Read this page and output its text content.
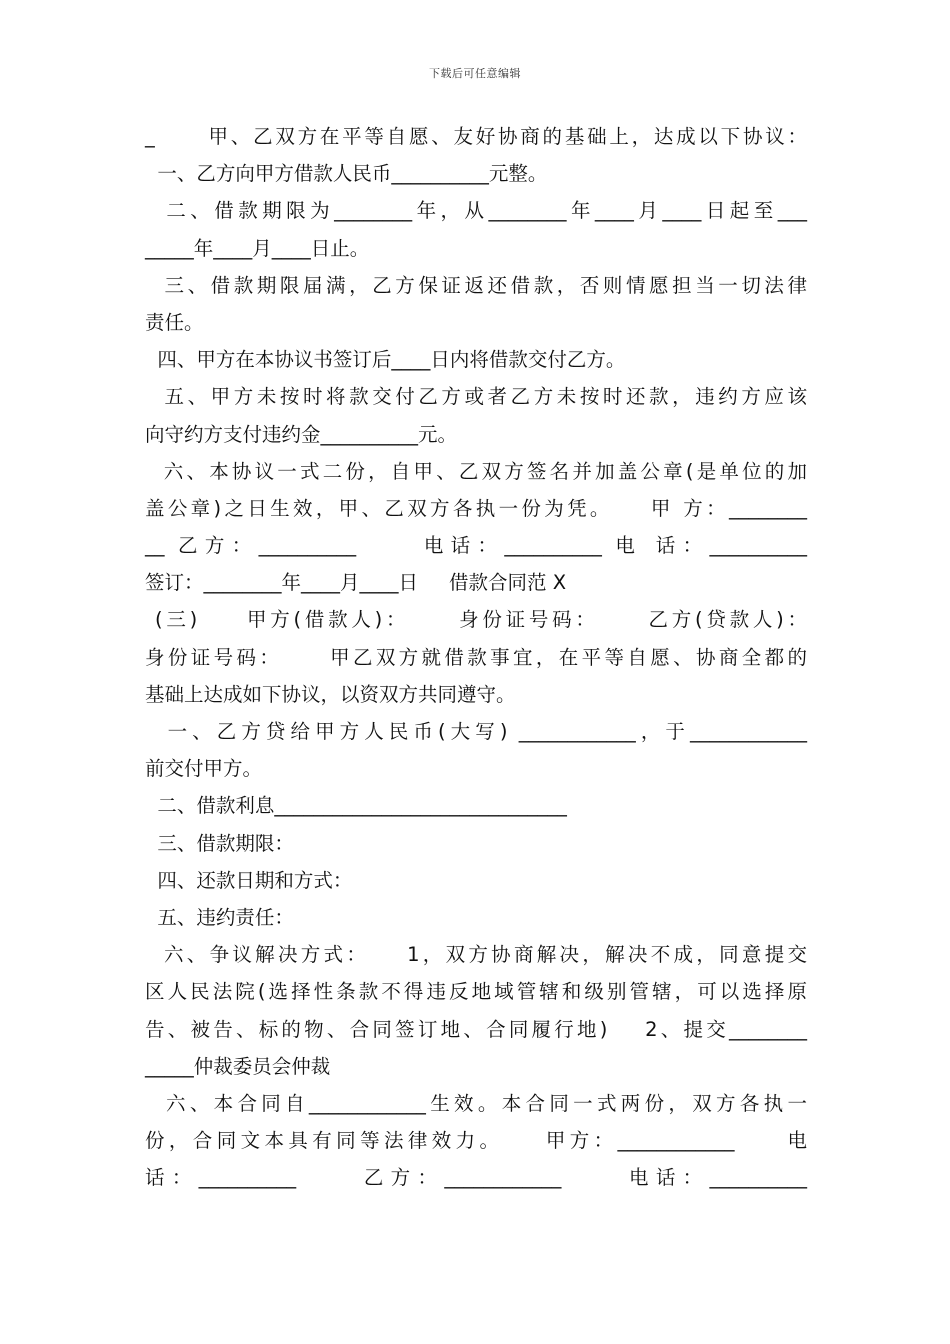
下载后可任意编辑
_      甲、乙双方在平等自愿、友好协商的基础上，达成以下协议：
一、乙方向甲方借款人民币__________元整。
二、借款期限为________年，从________年____月____日起至___
_____年____月____日止。
三、借款期限届满，乙方保证返还借款，否则情愿担当一切法律
责任。
四、甲方在本协议书签订后____日内将借款交付乙方。
五、甲方未按时将款交付乙方或者乙方未按时还款，违约方应该
向守约方支付违约金__________元。
六、本协议一式二份，自甲、乙双方签名并加盖公章(是单位的加
盖公章)之日生效，甲、乙双方各执一份为凭。    甲 方：________
__ 乙方：__________     电话：__________ 电 话：__________
签订：________年____月____日     借款合同范 X
(三)     甲方(借款人)：     身份证号码：     乙方(贷款人)：
身份证号码：     甲乙双方就借款事宜，在平等自愿、协商全都的
基础上达成如下协议，以资双方共同遵守。
一、乙方贷给甲方人民币(大写) ____________，于____________
前交付甲方。
二、借款利息______________________________
三、借款期限：
四、还款日期和方式：
五、违约责任：
六、争议解决方式：    1，双方协商解决，解决不成，同意提交
区人民法院(选择性条款不得违反地域管辖和级别管辖，可以选择原
告、被告、标的物、合同签订地、合同履行地)    2、提交________
_____仲裁委员会仲裁
六、本合同自____________生效。本合同一式两份，双方各执一
份，合同文本具有同等法律效力。    甲方：____________     电
话：__________     乙方：____________     电话：__________
